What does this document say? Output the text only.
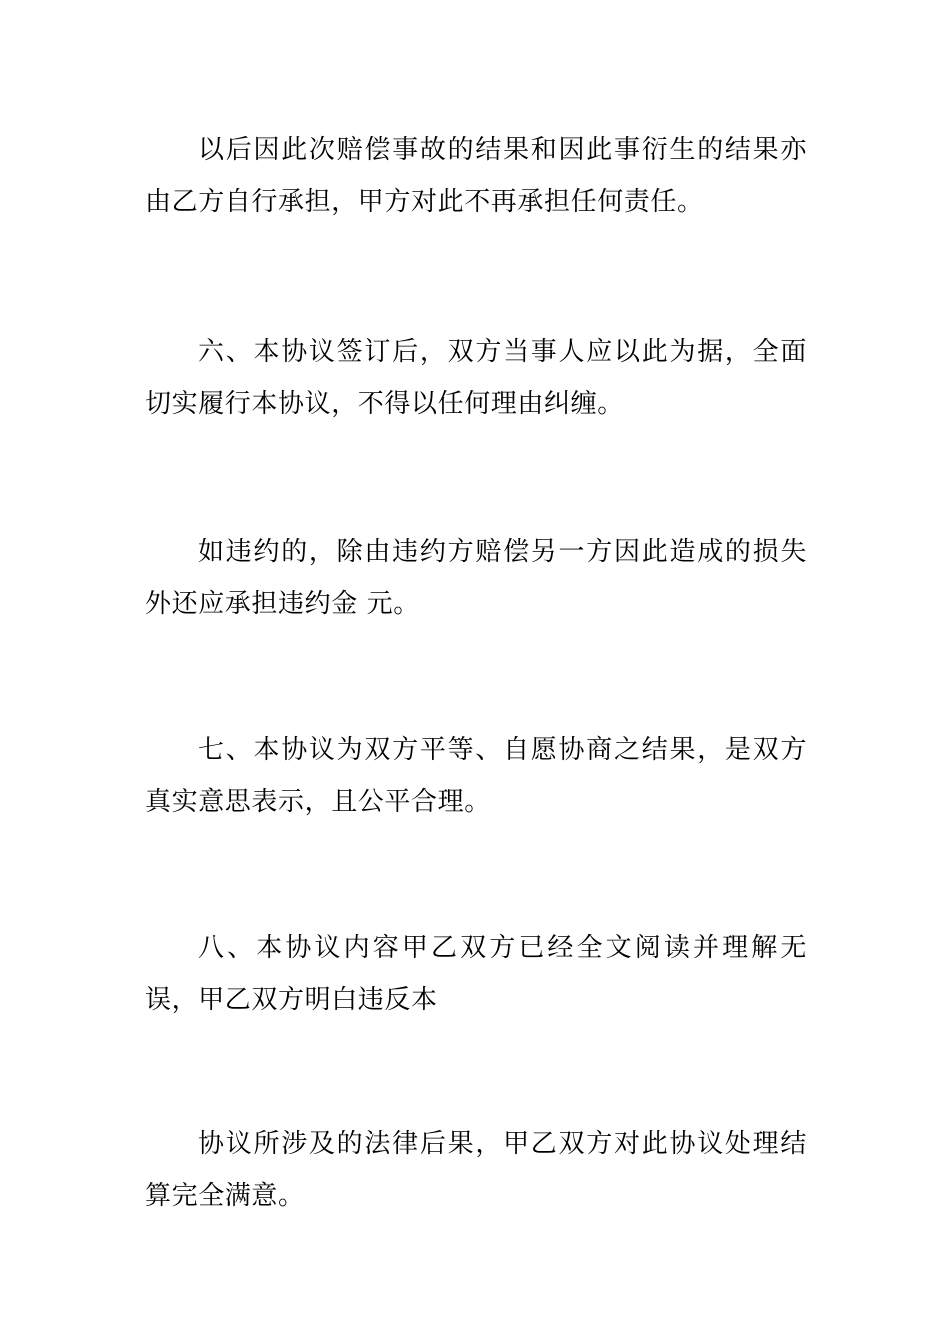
以后因此次赔偿事故的结果和因此事衍生的结果亦由乙方自行承担，甲方对此不再承担任何责任。

六、本协议签订后，双方当事人应以此为据，全面切实履行本协议，不得以任何理由纠缠。

如违约的，除由违约方赔偿另一方因此造成的损失外还应承担违约金 元。

七、本协议为双方平等、自愿协商之结果，是双方真实意思表示，且公平合理。

八、本协议内容甲乙双方已经全文阅读并理解无误，甲乙双方明白违反本

协议所涉及的法律后果，甲乙双方对此协议处理结算完全满意。
